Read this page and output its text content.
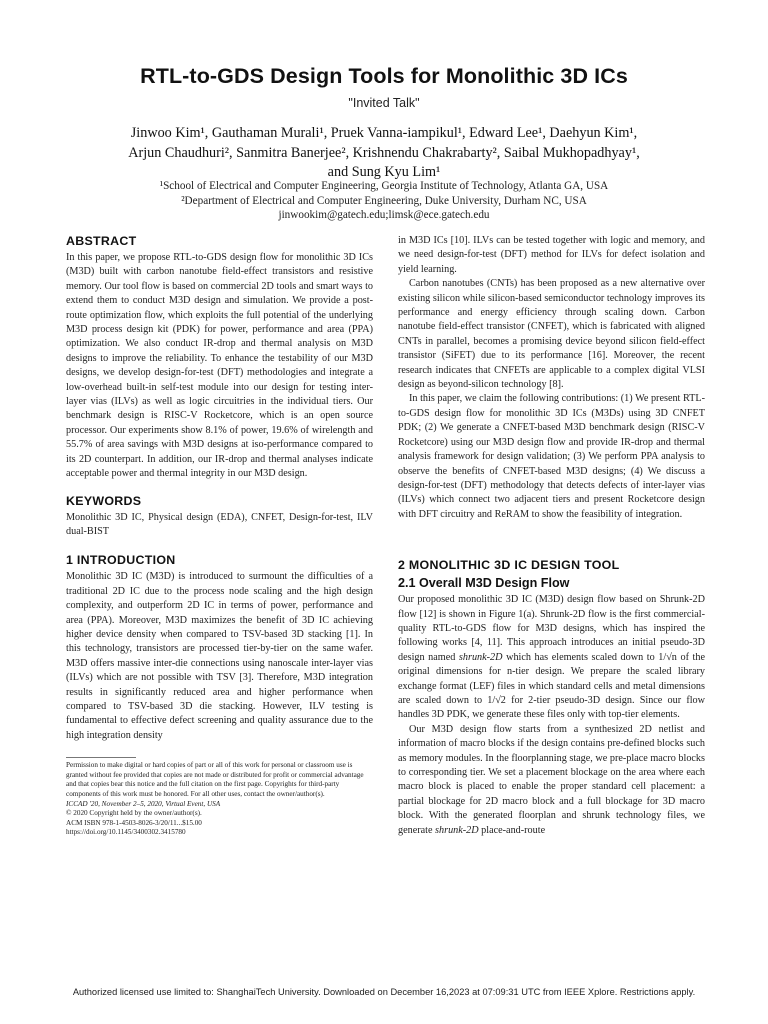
RTL-to-GDS Design Tools for Monolithic 3D ICs
"Invited Talk"
Jinwoo Kim¹, Gauthaman Murali¹, Pruek Vanna-iampikul¹, Edward Lee¹, Daehyun Kim¹,
Arjun Chaudhuri², Sanmitra Banerjee², Krishnendu Chakrabarty², Saibal Mukhopadhyay¹,
and Sung Kyu Lim¹
¹School of Electrical and Computer Engineering, Georgia Institute of Technology, Atlanta GA, USA
²Department of Electrical and Computer Engineering, Duke University, Durham NC, USA
jinwookim@gatech.edu;limsk@ece.gatech.edu
ABSTRACT

In this paper, we propose RTL-to-GDS design flow for monolithic 3D ICs (M3D) built with carbon nanotube field-effect transistors and resistive memory. Our tool flow is based on commercial 2D tools and smart ways to extend them to conduct M3D design and simulation. We provide a post-route optimization flow, which exploits the full potential of the underlying M3D process design kit (PDK) for power, performance and area (PPA) optimization. We also conduct IR-drop and thermal analysis on M3D designs to improve the reliability. To enhance the testability of our M3D designs, we develop design-for-test (DFT) methodologies and integrate a low-overhead built-in self-test module into our design for testing inter-layer vias (ILVs) as well as logic circuitries in the individual tiers. Our benchmark design is RISC-V Rocketcore, which is an open source processor. Our experiments show 8.1% of power, 19.6% of wirelength and 55.7% of area savings with M3D designs at iso-performance compared to its 2D counterpart. In addition, our IR-drop and thermal analyses indicate acceptable power and thermal integrity in our M3D design.

KEYWORDS

Monolithic 3D IC, Physical design (EDA), CNFET, Design-for-test, ILV dual-BIST

1 INTRODUCTION

Monolithic 3D IC (M3D) is introduced to surmount the difficulties of a traditional 2D IC due to the process node scaling and the high design complexity, and outperform 2D IC in terms of power, performance and area (PPA). Moreover, M3D maximizes the benefit of 3D IC achieving higher device density when compared to TSV-based 3D stacking [1]. In this technology, transistors are processed tier-by-tier on the same wafer. M3D offers massive inter-die connections using nanoscale inter-layer vias (ILVs) which are not possible with TSV [3]. Therefore, M3D integration results in significantly reduced area and higher performance when compared to TSV-based 3D die stacking. However, ILV testing is fundamental to effective defect screening and quality assurance due to the high integration density

Permission to make digital or hard copies of part or all of this work for personal or classroom use is granted without fee provided that copies are not made or distributed for profit or commercial advantage and that copies bear this notice and the full citation on the first page. Copyrights for third-party components of this work must be honored. For all other uses, contact the owner/author(s).

ICCAD '20, November 2–5, 2020, Virtual Event, USA

© 2020 Copyright held by the owner/author(s).

ACM ISBN 978-1-4503-8026-3/20/11...$15.00

https://doi.org/10.1145/3400302.3415780

in M3D ICs [10]. ILVs can be tested together with logic and memory, and we need design-for-test (DFT) method for ILVs for defect isolation and yield learning.

Carbon nanotubes (CNTs) has been proposed as a new alternative over existing silicon while silicon-based semiconductor technology improves its performance and energy efficiency through scaling down. Carbon nanotube field-effect transistor (CNFET), which is fabricated with aligned CNTs in parallel, becomes a promising device beyond silicon field-effect transistor (SiFET) due to its performance [16]. Moreover, the recent research indicates that CNFETs are applicable to a complex digital VLSI design as beyond-silicon technology [8].

In this paper, we claim the following contributions: (1) We present RTL-to-GDS design flow for monolithic 3D ICs (M3Ds) using 3D CNFET PDK; (2) We generate a CNFET-based M3D benchmark design (RISC-V Rocketcore) using our M3D design flow and provide IR-drop and thermal analysis framework for design validation; (3) We perform PPA analysis to observe the benefits of CNFET-based M3D designs; (4) We discuss a design-for-test (DFT) methodology that detects defects of inter-layer vias (ILVs) which connect two adjacent tiers and present Rocketcore design with DFT circuitry and ReRAM to show the feasibility of integration.

2 MONOLITHIC 3D IC DESIGN TOOL
2.1 Overall M3D Design Flow

Our proposed monolithic 3D IC (M3D) design flow based on Shrunk-2D flow [12] is shown in Figure 1(a). Shrunk-2D flow is the first commercial-quality RTL-to-GDS flow for M3D designs, which has inspired the following works [4, 11]. This approach introduces an initial pseudo-3D design named shrunk-2D which has elements scaled down to 1/√n of the original dimensions for n-tier design. We prepare the scaled library exchange format (LEF) files in which standard cells and metal dimensions are scaled down to 1/√2 for 2-tier pseudo-3D design. Since our flow handles 3D PDK, we generate these files only with top-tier elements.

Our M3D design flow starts from a synthesized 2D netlist and information of macro blocks if the design contains pre-defined blocks such as memory modules. In the floorplanning stage, we pre-place macro blocks to corresponding tier. We set a placement blockage on the area where each macro block is placed to enable the proper standard cell placement: a partial blockage for 2D macro block and a full blockage for 3D macro block. With the generated floorplan and shrunk technology files, we generate shrunk-2D place-and-route

Authorized licensed use limited to: ShanghaiTech University. Downloaded on December 16,2023 at 07:09:31 UTC from IEEE Xplore. Restrictions apply.
